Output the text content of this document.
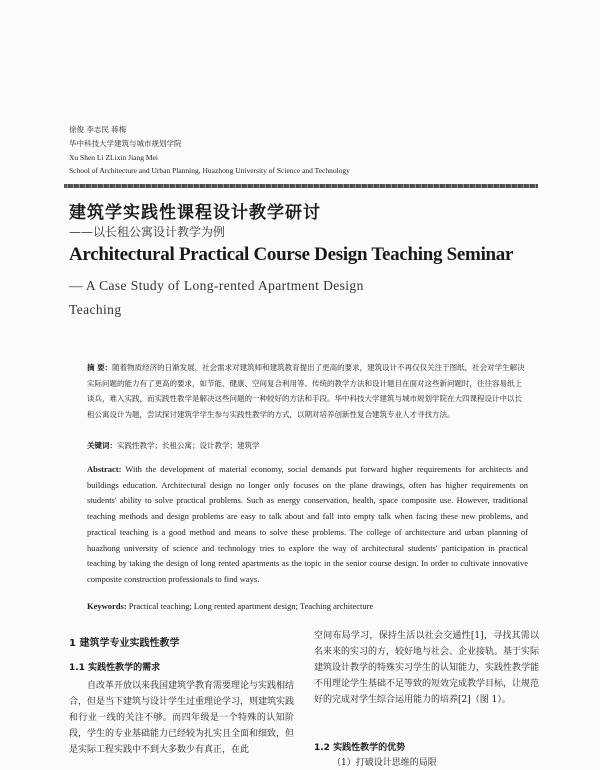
徐俊 李志民 蒋梅
华中科技大学建筑与城市规划学院
Xu Shen Li ZLixin Jiang Mei
School of Architecture and Urban Planning, Huazhong University of Science and Technology
建筑学实践性课程设计教学研讨
——以长租公寓设计教学为例
Architectural Practical Course Design Teaching Seminar
— A Case Study of Long-rented Apartment Design Teaching
摘 要：随着物质经济的日渐发展，社会需求对建筑师和建筑教育提出了更高的要求，建筑设计不再仅仅关注于图纸，社会对学生解决实际问题的能力有了更高的要求，如节能、健康、空间复合利用等。传统的教学方法和设计题目在面对这些新问题时，往往容易纸上谈兵，难入实践，而实践性教学是解决这些问题的一种较好的方法和手段。华中科技大学建筑与城市规划学院在大四课程设计中以长租公寓设计为题，尝试探讨建筑学学生参与实践性教学的方式，以期对培养创新性复合建筑专业人才寻找方法。
关键词：实践性教学；长租公寓；设计教学；建筑学
Abstract: With the development of material economy, social demands put forward higher requirements for architects and buildings education. Architectural design no longer only focuses on the plane drawings, often has higher requirements on students' ability to solve practical problems. Such as energy conservation, health, space composite use. However, traditional teaching methods and design problems are easy to talk about and fall into empty talk when facing these new problems, and practical teaching is a good method and means to solve these problems. The college of architecture and urban planning of huazhong university of science and technology tries to explore the way of architectural students' participation in practical teaching by taking the design of long rented apartments as the topic in the senior course design. In order to cultivate innovative composite construction professionals to find ways.
Keywords: Practical teaching; Long rented apartment design; Teaching architecture
1 建筑学专业实践性教学
1.1 实践性教学的需求
自改革开放以来我国建筑学教育需要理论与实践相结合，但是当下建筑与设计学生过重理论学习，则建筑实践和行业一线的关注不够。而四年级是一个特殊的认知阶段，学生的专业基础能力已经较为扎实且全面和细致，但是实际工程实践中不到大多数少有真正，在此
空间布局学习，保持生活以社会交通性[1]，寻找其需以名来来的实习的方，较好地与社会、企业接轨。基于实际建筑设计教学的特殊实习学生的认知能力，实践性教学能不用理论学生基础不足等致的短效完成教学目标，让规范好的完成对学生综合运用能力的培养[2]（图 1）。
1.2 实践性教学的优势
（1）打破设计思维的局限
